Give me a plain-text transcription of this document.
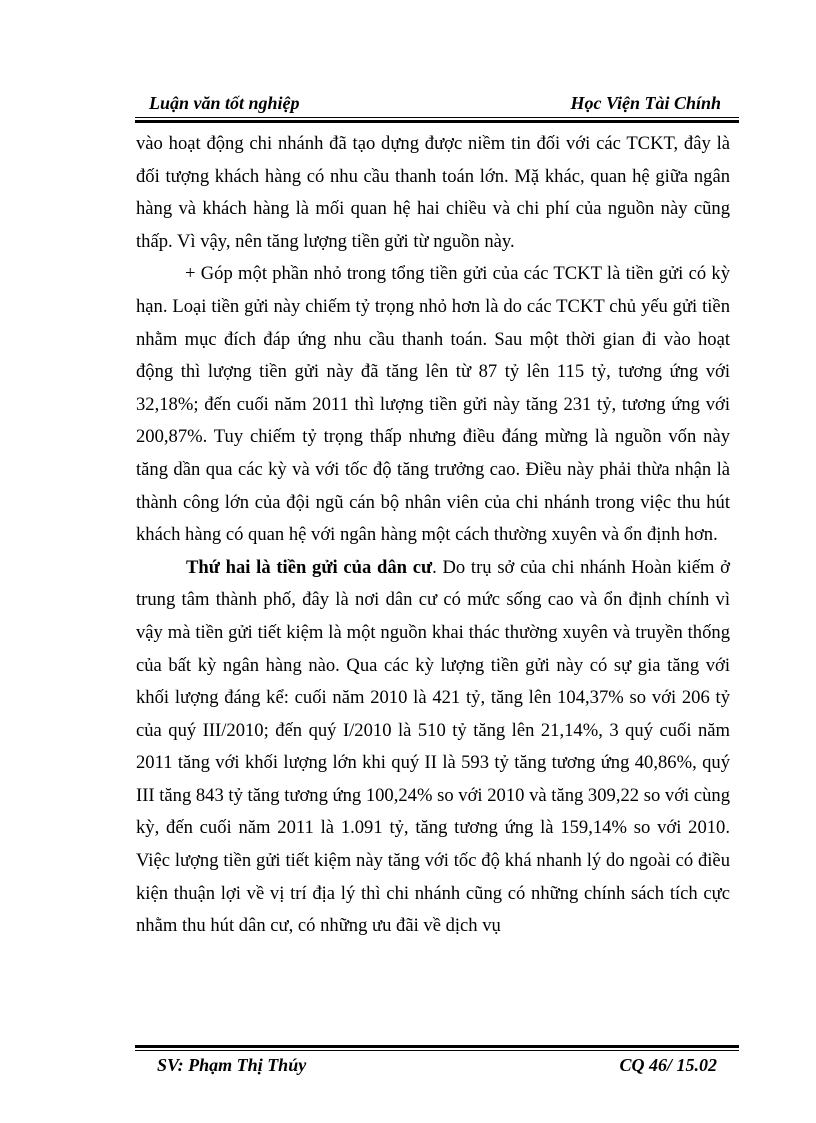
Luận văn tốt nghiệp	Học Viện Tài Chính

vào hoạt động chi nhánh đã tạo dựng được niềm tin đối với các TCKT, đây là đối tượng khách hàng có nhu cầu thanh toán lớn. Mặ khác, quan hệ giữa ngân hàng và khách hàng là mối quan hệ hai chiều và chi phí của nguồn này cũng thấp. Vì vậy, nên tăng lượng tiền gửi từ nguồn này.

+ Góp một phần nhỏ trong tổng tiền gửi của các TCKT là tiền gửi có kỳ hạn. Loại tiền gửi này chiếm tỷ trọng nhỏ hơn là do các TCKT chủ yếu gửi tiền nhằm mục đích đáp ứng nhu cầu thanh toán. Sau một thời gian đi vào hoạt động thì lượng tiền gửi này đã tăng lên từ 87 tỷ lên 115 tỷ, tương ứng với 32,18%; đến cuối năm 2011 thì lượng tiền gửi này tăng 231 tỷ, tương ứng với 200,87%. Tuy chiếm tỷ trọng thấp nhưng điều đáng mừng là nguồn vốn này tăng dần qua các kỳ và với tốc độ tăng trưởng cao. Điều này phải thừa nhận là thành công lớn của đội ngũ cán bộ nhân viên của chi nhánh trong việc thu hút khách hàng có quan hệ với ngân hàng một cách thường xuyên và ổn định hơn.

Thứ hai là tiền gửi của dân cư. Do trụ sở của chi nhánh Hoàn kiếm ở trung tâm thành phố, đây là nơi dân cư có mức sống cao và ổn định chính vì vậy mà tiền gửi tiết kiệm là một nguồn khai thác thường xuyên và truyền thống của bất kỳ ngân hàng nào. Qua các kỳ lượng tiền gửi này có sự gia tăng với khối lượng đáng kể: cuối năm 2010 là 421 tỷ, tăng lên 104,37% so với 206 tỷ của quý III/2010; đến quý I/2010 là 510 tỷ tăng lên 21,14%, 3 quý cuối năm 2011 tăng với khối lượng lớn khi quý II là 593 tỷ tăng tương ứng 40,86%, quý III tăng 843 tỷ tăng tương ứng 100,24% so với 2010 và tăng 309,22 so với cùng kỳ, đến cuối năm 2011 là 1.091 tỷ, tăng tương ứng là 159,14% so với 2010. Việc lượng tiền gửi tiết kiệm này tăng với tốc độ khá nhanh lý do ngoài có điều kiện thuận lợi về vị trí địa lý thì chi nhánh cũng có những chính sách tích cực nhằm thu hút dân cư, có những ưu đãi về dịch vụ

SV: Phạm Thị Thúy	CQ 46/ 15.02
